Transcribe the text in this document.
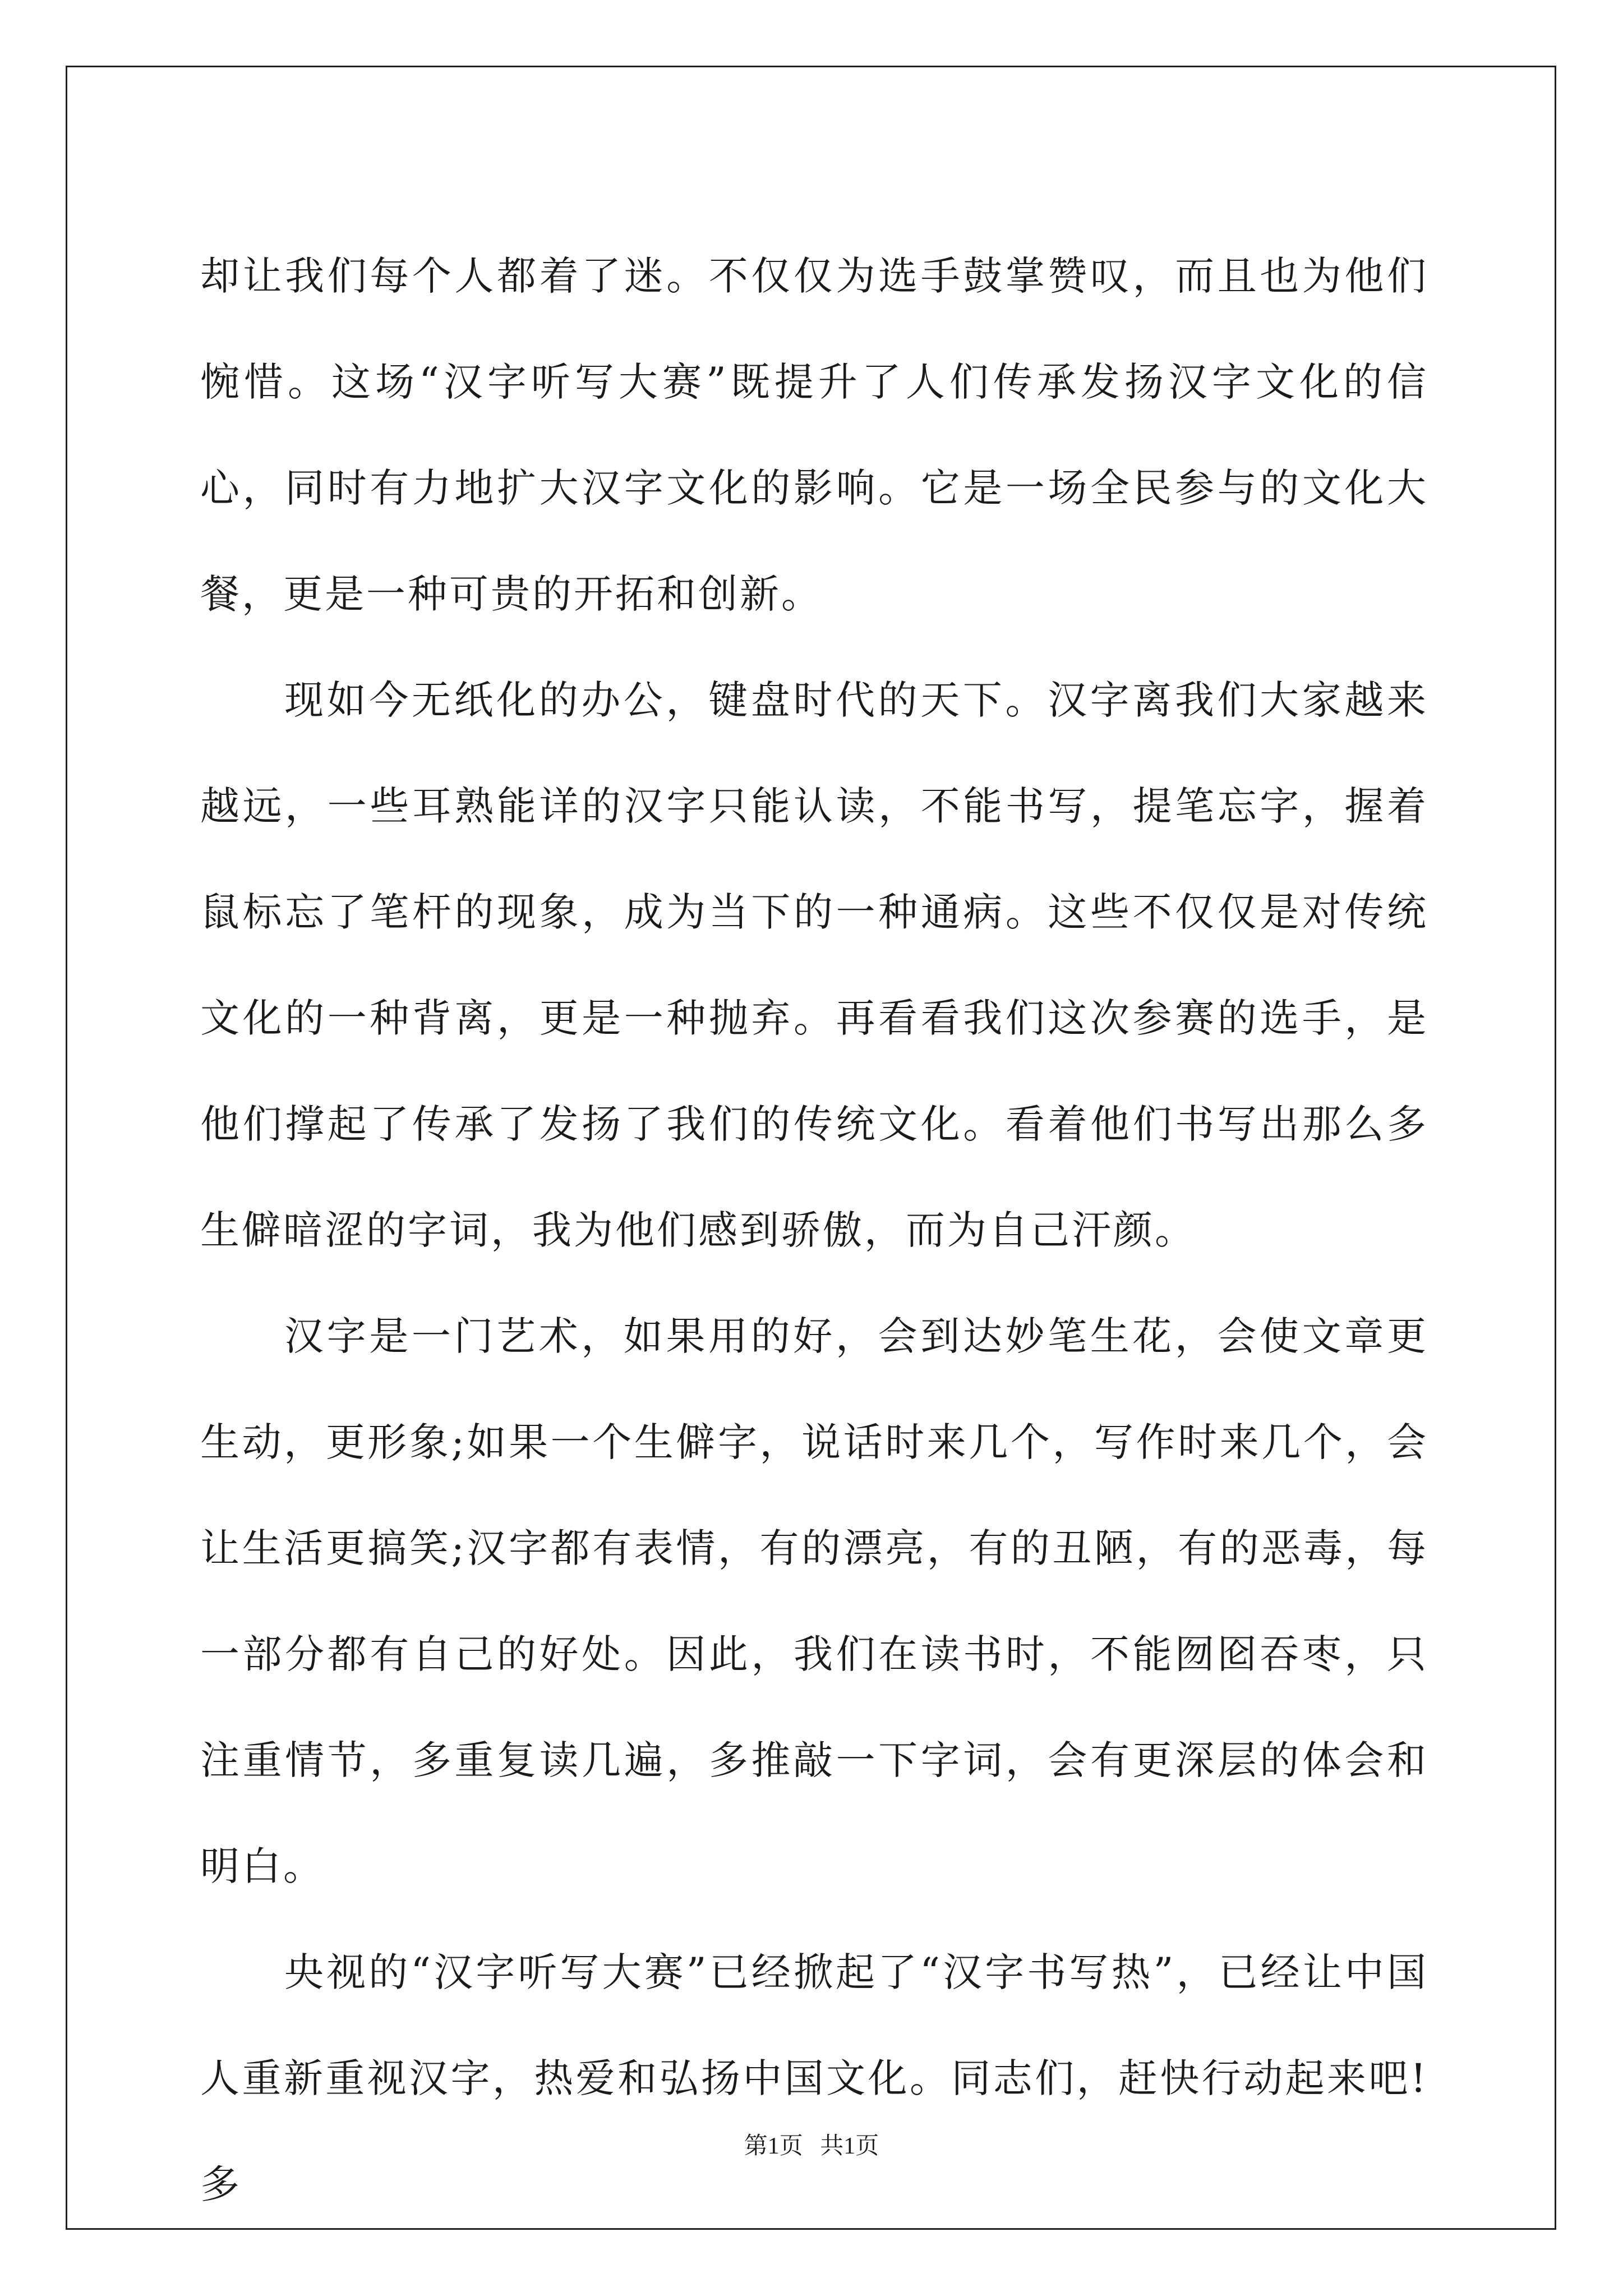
却让我们每个人都着了迷。不仅仅为选手鼓掌赞叹，而且也为他们惋惜。这场“汉字听写大赛”既提升了人们传承发扬汉字文化的信心，同时有力地扩大汉字文化的影响。它是一场全民参与的文化大餐，更是一种可贵的开拓和创新。

现如今无纸化的办公，键盘时代的天下。汉字离我们大家越来越远，一些耳熟能详的汉字只能认读，不能书写，提笔忘字，握着鼠标忘了笔杆的现象，成为当下的一种通病。这些不仅仅是对传统文化的一种背离，更是一种抛弃。再看看我们这次参赛的选手，是他们撑起了传承了发扬了我们的传统文化。看着他们书写出那么多生僻暗涩的字词，我为他们感到骄傲，而为自己汗颜。

汉字是一门艺术，如果用的好，会到达妙笔生花，会使文章更生动，更形象;如果一个生僻字，说话时来几个，写作时来几个，会让生活更搞笑;汉字都有表情，有的漂亮，有的丑陋，有的恶毒，每一部分都有自己的好处。因此，我们在读书时，不能囫囵吞枣，只注重情节，多重复读几遍，多推敲一下字词，会有更深层的体会和明白。

央视的“汉字听写大赛”已经掀起了“汉字书写热”，已经让中国人重新重视汉字，热爱和弘扬中国文化。同志们，赶快行动起来吧!多

第1页 共1页
